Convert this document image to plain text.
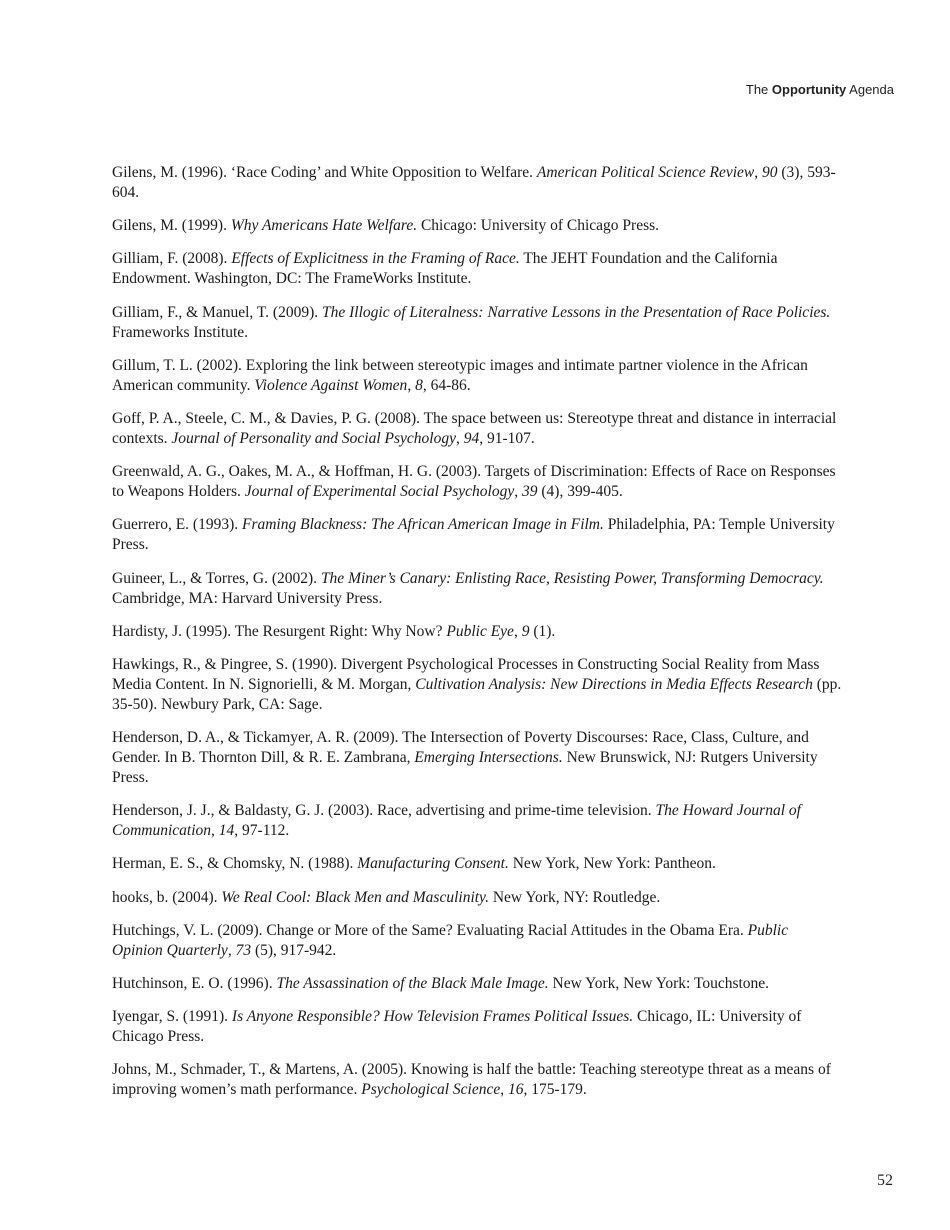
The Opportunity Agenda

Gilens, M. (1996). ‘Race Coding’ and White Opposition to Welfare. American Political Science Review, 90 (3), 593-604.

Gilens, M. (1999). Why Americans Hate Welfare. Chicago: University of Chicago Press.

Gilliam, F. (2008). Effects of Explicitness in the Framing of Race. The JEHT Foundation and the California Endowment. Washington, DC: The FrameWorks Institute.

Gilliam, F., & Manuel, T. (2009). The Illogic of Literalness: Narrative Lessons in the Presentation of Race Policies. Frameworks Institute.

Gillum, T. L. (2002). Exploring the link between stereotypic images and intimate partner violence in the African American community. Violence Against Women, 8, 64-86.

Goff, P. A., Steele, C. M., & Davies, P. G. (2008). The space between us: Stereotype threat and distance in interracial contexts. Journal of Personality and Social Psychology, 94, 91-107.

Greenwald, A. G., Oakes, M. A., & Hoffman, H. G. (2003). Targets of Discrimination: Effects of Race on Responses to Weapons Holders. Journal of Experimental Social Psychology, 39 (4), 399-405.

Guerrero, E. (1993). Framing Blackness: The African American Image in Film. Philadelphia, PA: Temple University Press.

Guineer, L., & Torres, G. (2002). The Miner’s Canary: Enlisting Race, Resisting Power, Transforming Democracy. Cambridge, MA: Harvard University Press.

Hardisty, J. (1995). The Resurgent Right: Why Now? Public Eye, 9 (1).

Hawkings, R., & Pingree, S. (1990). Divergent Psychological Processes in Constructing Social Reality from Mass Media Content. In N. Signorielli, & M. Morgan, Cultivation Analysis: New Directions in Media Effects Research (pp. 35-50). Newbury Park, CA: Sage.

Henderson, D. A., & Tickamyer, A. R. (2009). The Intersection of Poverty Discourses: Race, Class, Culture, and Gender. In B. Thornton Dill, & R. E. Zambrana, Emerging Intersections. New Brunswick, NJ: Rutgers University Press.

Henderson, J. J., & Baldasty, G. J. (2003). Race, advertising and prime-time television. The Howard Journal of Communication, 14, 97-112.

Herman, E. S., & Chomsky, N. (1988). Manufacturing Consent. New York, New York: Pantheon.

hooks, b. (2004). We Real Cool: Black Men and Masculinity. New York, NY: Routledge.

Hutchings, V. L. (2009). Change or More of the Same? Evaluating Racial Attitudes in the Obama Era. Public Opinion Quarterly, 73 (5), 917-942.

Hutchinson, E. O. (1996). The Assassination of the Black Male Image. New York, New York: Touchstone.

Iyengar, S. (1991). Is Anyone Responsible? How Television Frames Political Issues. Chicago, IL: University of Chicago Press.

Johns, M., Schmader, T., & Martens, A. (2005). Knowing is half the battle: Teaching stereotype threat as a means of improving women’s math performance. Psychological Science, 16, 175-179.

52
